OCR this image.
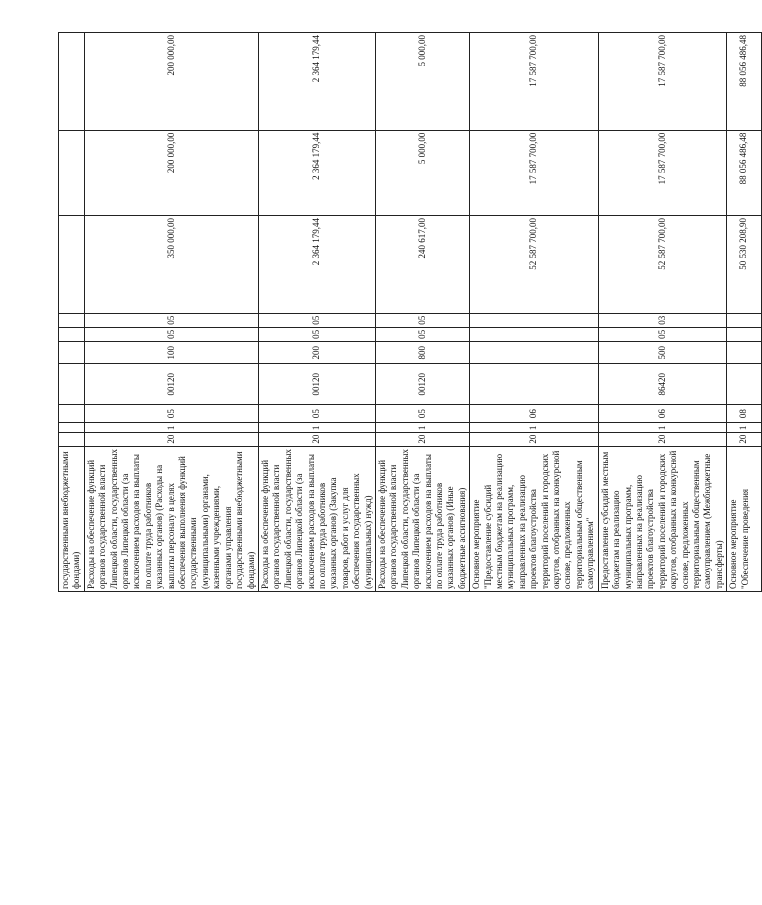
государственными внебюджетными фондами)										
Расходы на обеспечение функций органов государственной власти Липецкой области, государственных органов Липецкой области (за исключением расходов на выплаты по оплате труда работников указанных органов) (Расходы на выплаты персоналу в целях обеспечения выполнения функций государственными (муниципальными) органами, казенными учреждениями, органами управления государственными внебюджетными фондами)	20	1	05	00120	100	05	05	350 000,00	200 000,00	200 000,00
Расходы на обеспечение функций органов государственной власти Липецкой области, государственных органов Липецкой области (за исключением расходов на выплаты по оплате труда работников указанных органов) (Закупка товаров, работ и услуг для обеспечения государственных (муниципальных) нужд)	20	1	05	00120	200	05	05	2 364 179,44	2 364 179,44	2 364 179,44
Расходы на обеспечение функций органов государственной власти Липецкой области, государственных органов Липецкой области (за исключением расходов на выплаты по оплате труда работников указанных органов) (Иные бюджетные ассигнования)	20	1	05	00120	800	05	05	240 617,00	5 000,00	5 000,00
Основное мероприятие "Предоставление субсидий местным бюджетам на реализацию муниципальных программ, направленных на реализацию проектов благоустройства территорий поселений и городских округов, отобранных на конкурсной основе, предложенных территориальным общественным самоуправлением"	20	1	06					52 587 700,00	17 587 700,00	17 587 700,00
Предоставление субсидий местным бюджетам на реализацию муниципальных программ, направленных на реализацию проектов благоустройства территорий поселений и городских округов, отобранных на конкурсной основе, предложенных территориальным общественным самоуправлением (Межбюджетные трансферты)	20	1	06	86420	500	05	03	52 587 700,00	17 587 700,00	17 587 700,00
Основное мероприятие "Обеспечение проведения	20	1	08					50 530 208,90	88 056 486,48	88 056 486,48
